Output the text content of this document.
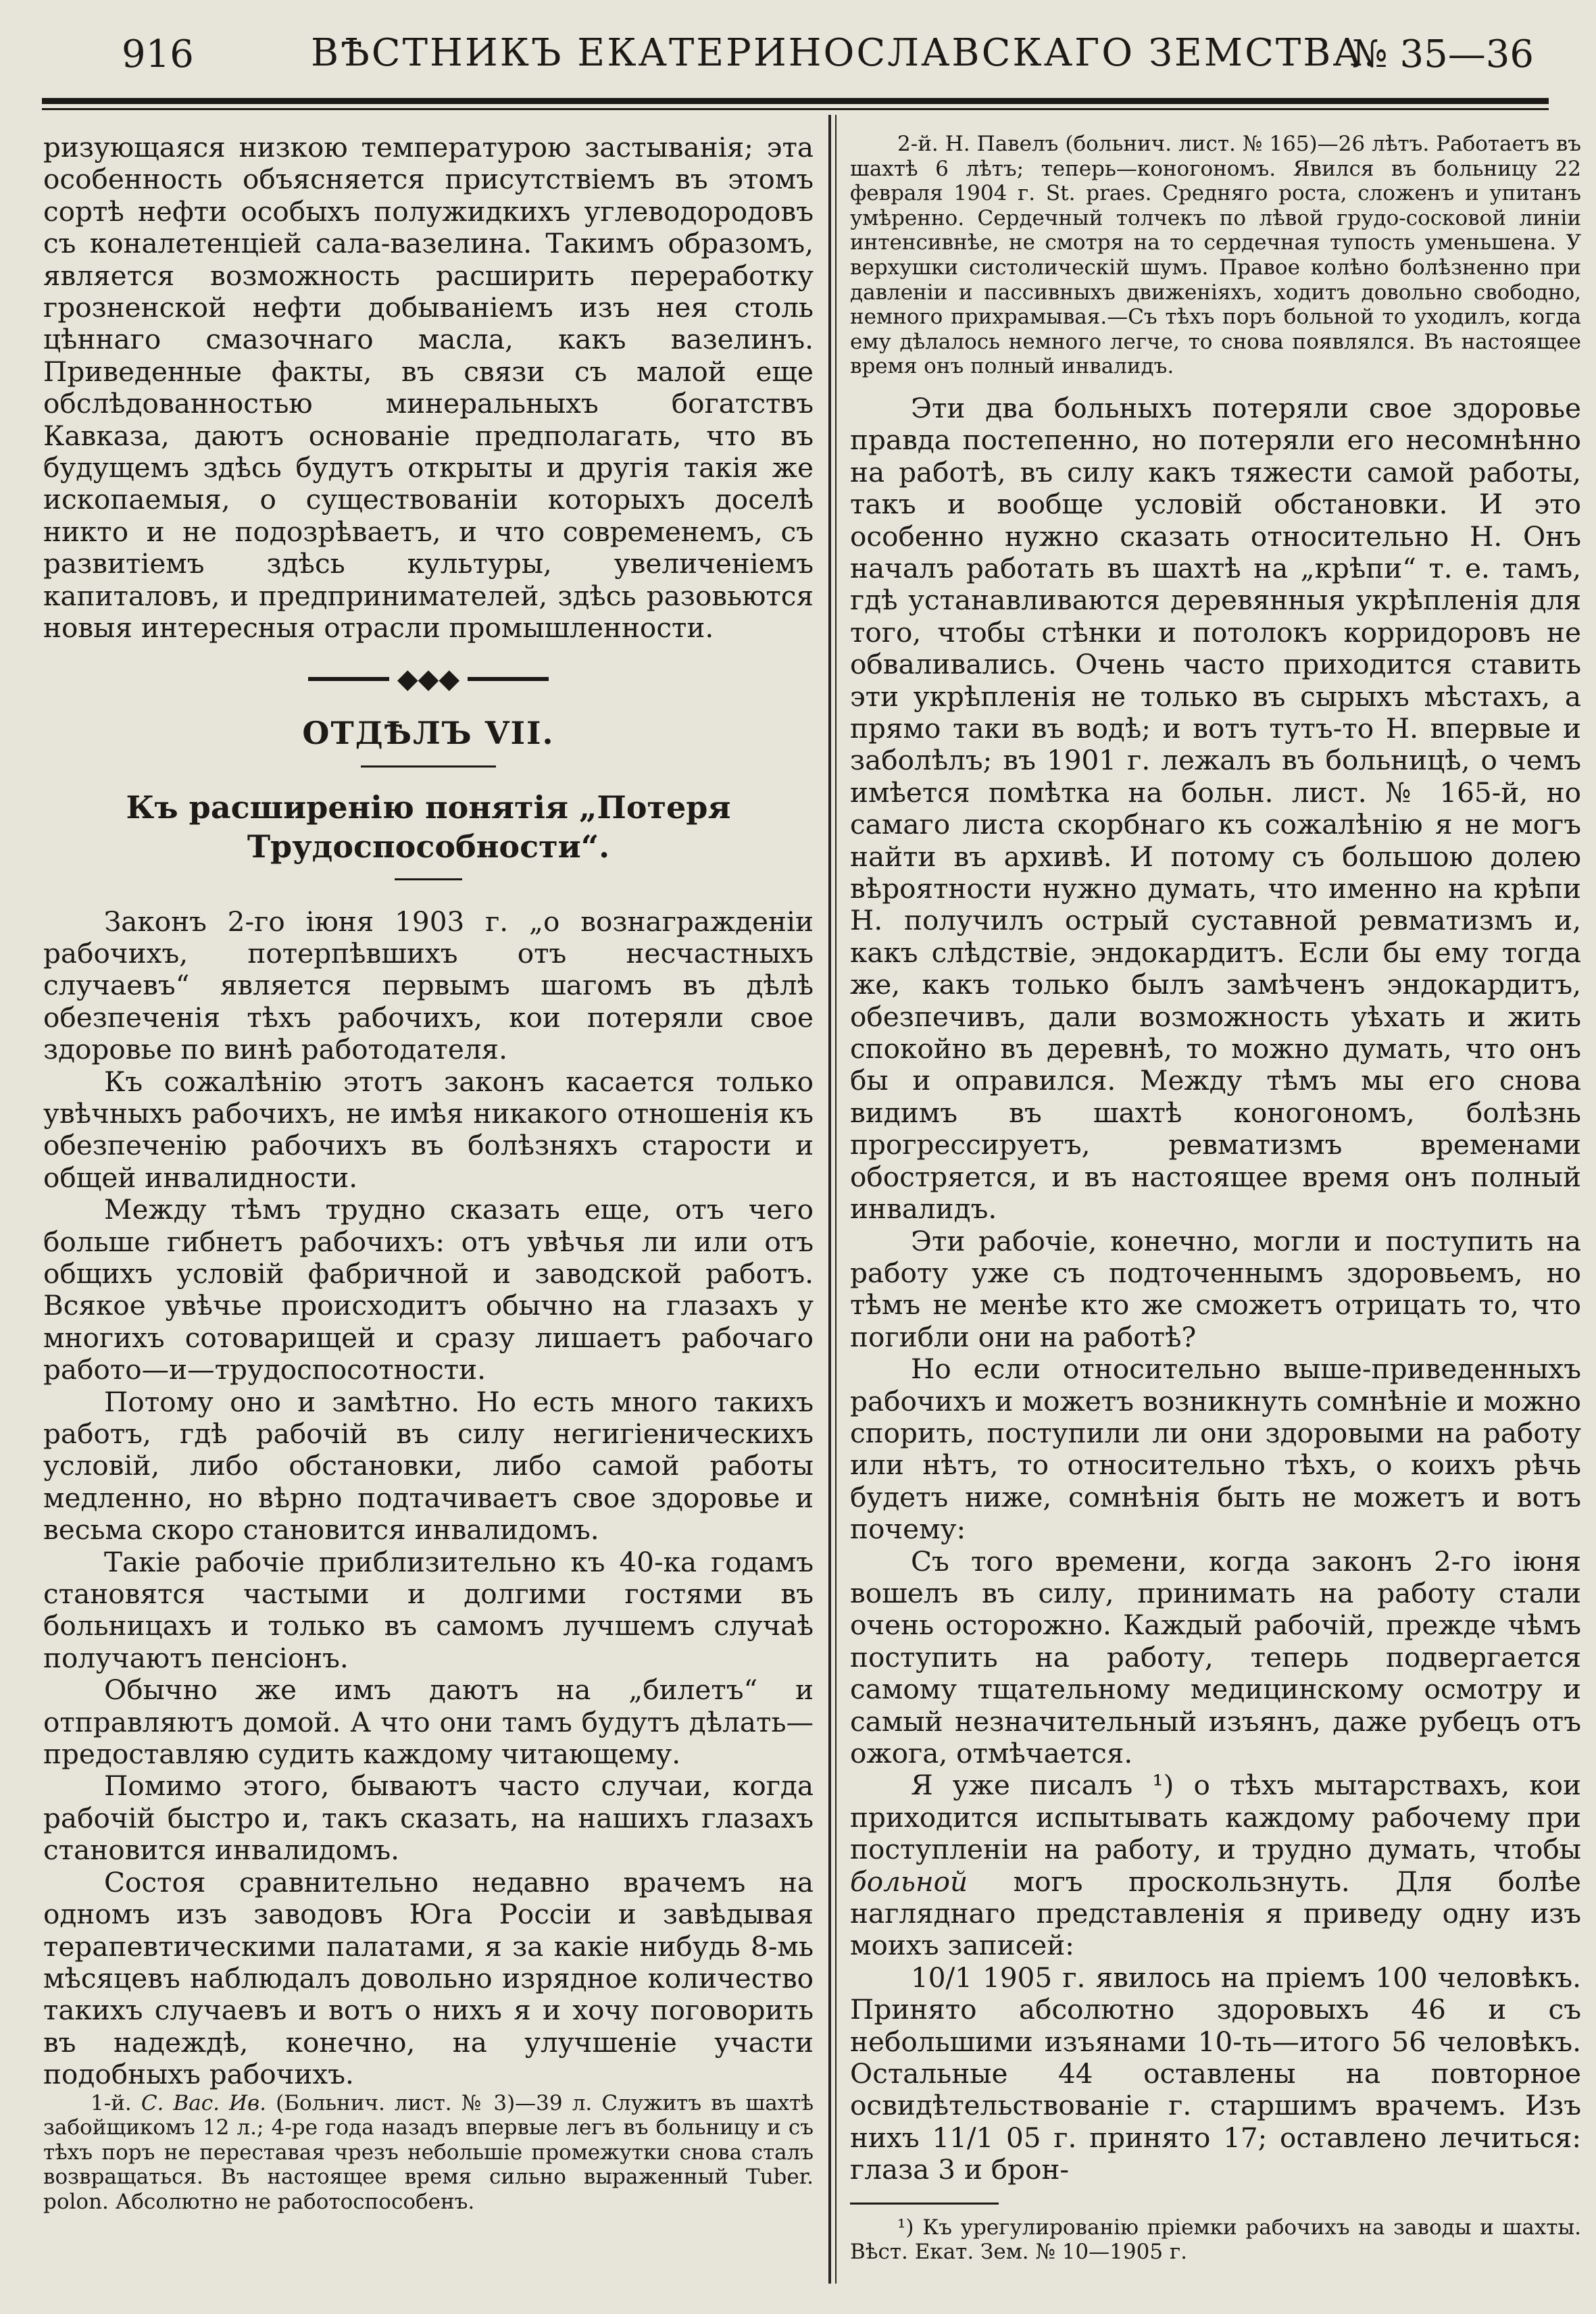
916	ВѢСТНИКЪ ЕКАТЕРИНОСЛАВСКАГО ЗЕМСТВА.
№ 35—36

ризующаяся низкою температурою застыванія; эта особенность объясняется присутствіемъ въ этомъ сортѣ нефти особыхъ полужидкихъ углеводородовъ съ коналетенціей сала-вазелина. Такимъ образомъ, является возможность расширить переработку грозненской нефти добываніемъ изъ нея столь цѣннаго смазочнаго масла, какъ вазелинъ. Приведенные факты, въ связи съ малой еще обслѣдованностью минеральныхъ богатствъ Кавказа, даютъ основаніе предполагать, что въ будущемъ здѣсь будутъ открыты и другія такія же ископаемыя, о существованіи которыхъ доселѣ никто и не подозрѣваетъ, и что современемъ, съ развитіемъ здѣсь культуры, увеличеніемъ капиталовъ, и предпринимателей, здѣсь разовьются новыя интересныя отрасли промышленности.

◆◆◆
ОТДѢЛЪ VII.
Къ расширенію понятія „Потеря Трудоспособности“.

Законъ 2-го іюня 1903 г. „о вознагражденіи рабочихъ, потерпѣвшихъ отъ несчастныхъ случаевъ“ является первымъ шагомъ въ дѣлѣ обезпеченія тѣхъ рабочихъ, кои потеряли свое здоровье по винѣ работодателя.

Къ сожалѣнію этотъ законъ касается только увѣчныхъ рабочихъ, не имѣя никакого отношенія къ обезпеченію рабочихъ въ болѣзняхъ старости и общей инвалидности.

Между тѣмъ трудно сказать еще, отъ чего больше гибнетъ рабочихъ: отъ увѣчья ли или отъ общихъ условій фабричной и заводской работъ. Всякое увѣчье происходитъ обычно на глазахъ у многихъ сотоварищей и сразу лишаетъ рабочаго работо—и—трудоспосотности.

Потому оно и замѣтно. Но есть много такихъ работъ, гдѣ рабочій въ силу негигіеническихъ условій, либо обстановки, либо самой работы медленно, но вѣрно подтачиваетъ свое здоровье и весьма скоро становится инвалидомъ.

Такіе рабочіе приблизительно къ 40-ка годамъ становятся частыми и долгими гостями въ больницахъ и только въ самомъ лучшемъ случаѣ получаютъ пенсіонъ.

Обычно же имъ даютъ на „билетъ“ и отправляютъ домой. А что они тамъ будутъ дѣлать— предоставляю судить каждому читающему.

Помимо этого, бываютъ часто случаи, когда рабочій быстро и, такъ сказать, на нашихъ глазахъ становится инвалидомъ.

Состоя сравнительно недавно врачемъ на одномъ изъ заводовъ Юга Россіи и завѣдывая терапевтическими палатами, я за какіе нибудь 8-мь мѣсяцевъ наблюдалъ довольно изрядное количество такихъ случаевъ и вотъ о нихъ я и хочу поговорить въ надеждѣ, конечно, на улучшеніе участи подобныхъ рабочихъ.

1-й. С. Вас. Ив. (Больнич. лист. № 3)—39 л. Служитъ въ шахтѣ забойщикомъ 12 л.; 4-ре года назадъ впервые легъ въ больницу и съ тѣхъ поръ не переставая чрезъ небольшіе промежутки снова сталъ возвращаться. Въ настоящее время сильно выраженный Tuber. polon. Абсолютно не работоспособенъ.

2-й. Н. Павелъ (больнич. лист. № 165)—26 лѣтъ. Работаетъ въ шахтѣ 6 лѣтъ; теперь—коногономъ. Явился въ больницу 22 февраля 1904 г. St. praes. Средняго роста, сложенъ и упитанъ умѣренно. Сердечный толчекъ по лѣвой грудо-сосковой линіи интенсивнѣе, не смотря на то сердечная тупость уменьшена. У верхушки систолическій шумъ. Правое колѣно болѣзненно при давленіи и пассивныхъ движеніяхъ, ходитъ довольно свободно, немного прихрамывая.—Съ тѣхъ поръ больной то уходилъ, когда ему дѣлалось немного легче, то снова появлялся. Въ настоящее время онъ полный инвалидъ.

Эти два больныхъ потеряли свое здоровье правда постепенно, но потеряли его несомнѣнно на работѣ, въ силу какъ тяжести самой работы, такъ и вообще условій обстановки. И это особенно нужно сказать относительно Н. Онъ началъ работать въ шахтѣ на „крѣпи“ т. е. тамъ, гдѣ устанавливаются деревянныя укрѣпленія для того, чтобы стѣнки и потолокъ корридоровъ не обваливались. Очень часто приходится ставить эти укрѣпленія не только въ сырыхъ мѣстахъ, а прямо таки въ водѣ; и вотъ тутъ-то Н. впервые и заболѣлъ; въ 1901 г. лежалъ въ больницѣ, о чемъ имѣется помѣтка на больн. лист. № 165-й, но самаго листа скорбнаго къ сожалѣнію я не могъ найти въ архивѣ. И потому съ большою долею вѣроятности нужно думать, что именно на крѣпи Н. получилъ острый суставной ревматизмъ и, какъ слѣдствіе, эндокардитъ. Если бы ему тогда же, какъ только былъ замѣченъ эндокардитъ, обезпечивъ, дали возможность уѣхать и жить спокойно въ деревнѣ, то можно думать, что онъ бы и оправился. Между тѣмъ мы его снова видимъ въ шахтѣ коногономъ, болѣзнь прогрессируетъ, ревматизмъ временами обостряется, и въ настоящее время онъ полный инвалидъ.

Эти рабочіе, конечно, могли и поступить на работу уже съ подточеннымъ здоровьемъ, но тѣмъ не менѣе кто же сможетъ отрицать то, что погибли они на работѣ?

Но если относительно выше-приведенныхъ рабочихъ и можетъ возникнуть сомнѣніе и можно спорить, поступили ли они здоровыми на работу или нѣтъ, то относительно тѣхъ, о коихъ рѣчь будетъ ниже, сомнѣнія быть не можетъ и вотъ почему:

Съ того времени, когда законъ 2-го іюня вошелъ въ силу, принимать на работу стали очень осторожно. Каждый рабочій, прежде чѣмъ поступить на работу, теперь подвергается самому тщательному медицинскому осмотру и самый незначительный изъянъ, даже рубецъ отъ ожога, отмѣчается.

Я уже писалъ ¹) о тѣхъ мытарствахъ, кои приходится испытывать каждому рабочему при поступленіи на работу, и трудно думать, чтобы больной могъ проскользнуть. Для болѣе нагляднаго представленія я приведу одну изъ моихъ записей:

10/1 1905 г. явилось на пріемъ 100 человѣкъ. Принято абсолютно здоровыхъ 46 и съ небольшими изъянами 10-ть—итого 56 человѣкъ. Остальные 44 оставлены на повторное освидѣтельствованіе г. старшимъ врачемъ. Изъ нихъ 11/1 05 г. принято 17; оставлено лечиться: глаза 3 и брон-

¹) Къ урегулированію пріемки рабочихъ на заводы и шахты. Вѣст. Екат. Зем. № 10—1905 г.
